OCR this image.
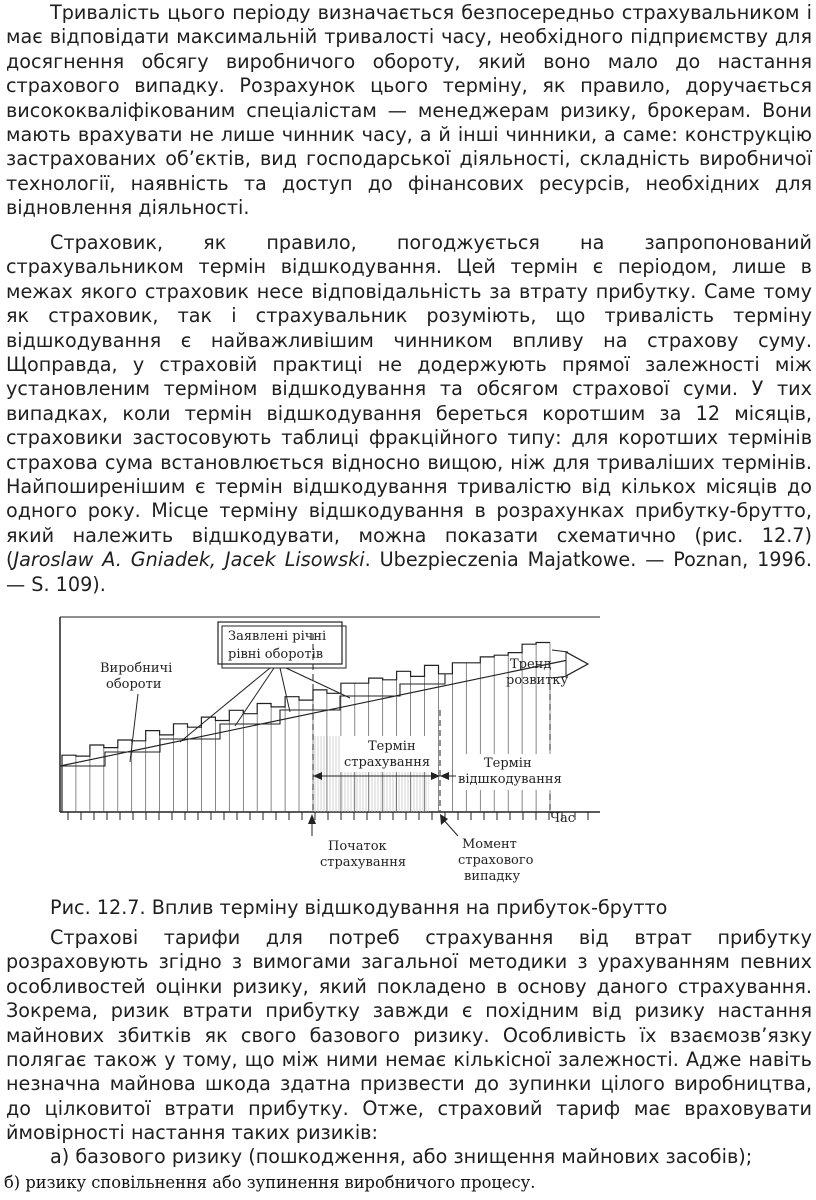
Тривалість цього періоду визначається безпосередньо страхувальником і має відповідати максимальній тривалості часу, необхідного підприємству для досягнення обсягу виробничого обороту, який воно мало до настання страхового випадку. Розрахунок цього терміну, як правило, доручається висококваліфікованим спеціалістам — менеджерам ризику, брокерам. Вони мають врахувати не лише чинник часу, а й інші чинники, а саме: конструкцію застрахованих об’єктів, вид господарської діяльності, складність виробничої технології, наявність та доступ до фінансових ресурсів, необхідних для відновлення діяльності.

Страховик, як правило, погоджується на запропонований страхувальником термін відшкодування. Цей термін є періодом, лише в межах якого страховик несе відповідальність за втрату прибутку. Саме тому як страховик, так і страхувальник розуміють, що тривалість терміну відшкодування є найважливішим чинником впливу на страхову суму. Щоправда, у страховій практиці не додержують прямої залежності між установленим терміном відшкодування та обсягом страхової суми. У тих випадках, коли термін відшкодування береться коротшим за 12 місяців, страховики застосовують таблиці фракційного типу: для коротших термінів страхова сума встановлюється відносно вищою, ніж для триваліших термінів. Найпоширенішим є термін відшкодування тривалістю від кількох місяців до одного року. Місце терміну відшкодування в розрахунках прибутку-брутто, який належить відшкодувати, можна показати схематично (рис. 12.7) (Jaroslaw A. Gniadek, Jacek Lisowski. Ubezpieczenia Majatkowe. — Poznan, 1996. — S. 109).

Заявлені річні
рівні оборотів
Виробничі
обороти
Тренд
розвитку
Термін
страхування	Термін
відшкодування
Час
Початок
страхування
Момент
страхового
випадку

Рис. 12.7. Вплив терміну відшкодування на прибуток-брутто

Страхові тарифи для потреб страхування від втрат прибутку розраховують згідно з вимогами загальної методики з урахуванням певних особливостей оцінки ризику, який покладено в основу даного страхування. Зокрема, ризик втрати прибутку завжди є похідним від ризику настання майнових збитків як свого базового ризику. Особливість їх взаємозв’язку полягає також у тому, що між ними немає кількісної залежності. Адже навіть незначна майнова шкода здатна призвести до зупинки цілого виробництва, до цілковитої втрати прибутку. Отже, страховий тариф має враховувати ймовірності настання таких ризиків:

а) базового ризику (пошкодження, або знищення майнових засобів);

б) ризику сповільнення або зупинення виробничого процесу.
